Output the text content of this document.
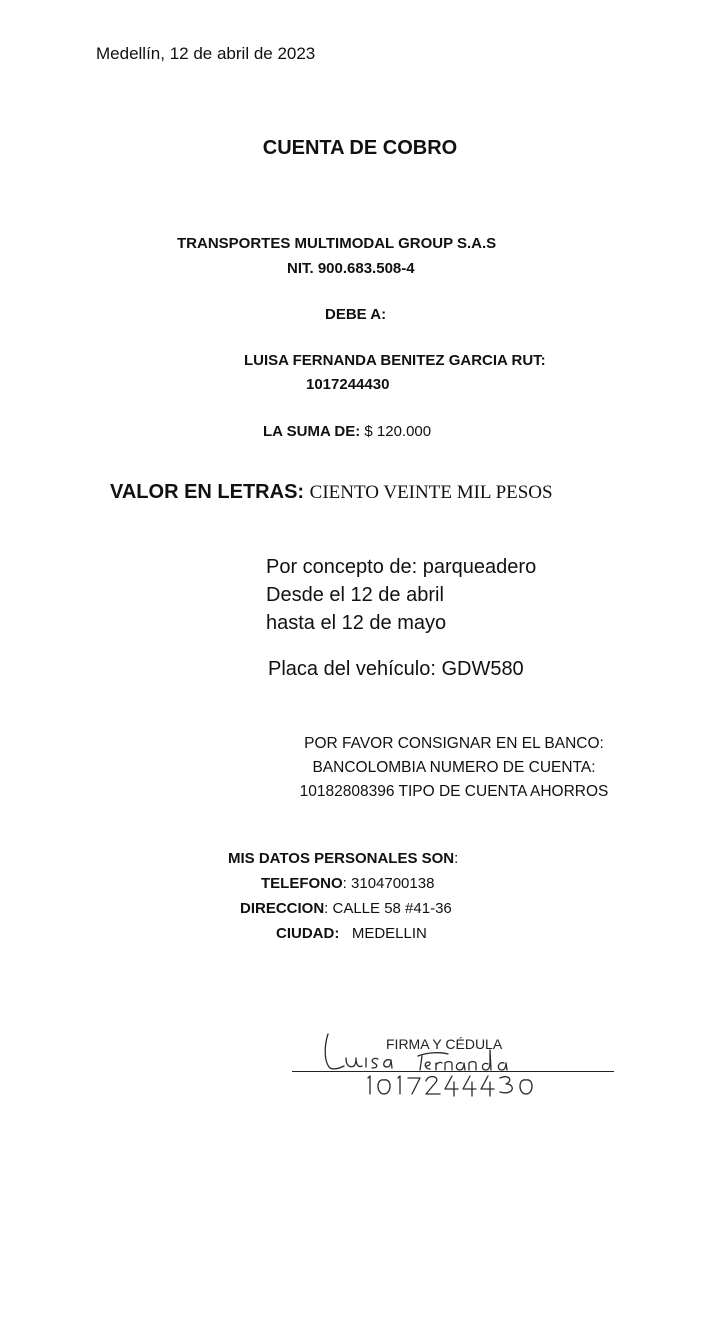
Medellín, 12 de abril de 2023
CUENTA DE COBRO
TRANSPORTES MULTIMODAL GROUP S.A.S
NIT. 900.683.508-4
DEBE A:
LUISA FERNANDA BENITEZ GARCIA RUT:
1017244430
LA SUMA DE: $ 120.000
VALOR EN LETRAS: CIENTO VEINTE MIL PESOS
Por concepto de: parqueadero
Desde el 12 de abril
hasta el 12 de mayo
Placa del vehículo: GDW580
POR FAVOR CONSIGNAR EN EL BANCO:
BANCOLOMBIA NUMERO DE CUENTA:
10182808396 TIPO DE CUENTA AHORROS
MIS DATOS PERSONALES SON:
TELEFONO: 3104700138
DIRECCION: CALLE 58 #41-36
CIUDAD: MEDELLIN
FIRMA Y CÉDULA
